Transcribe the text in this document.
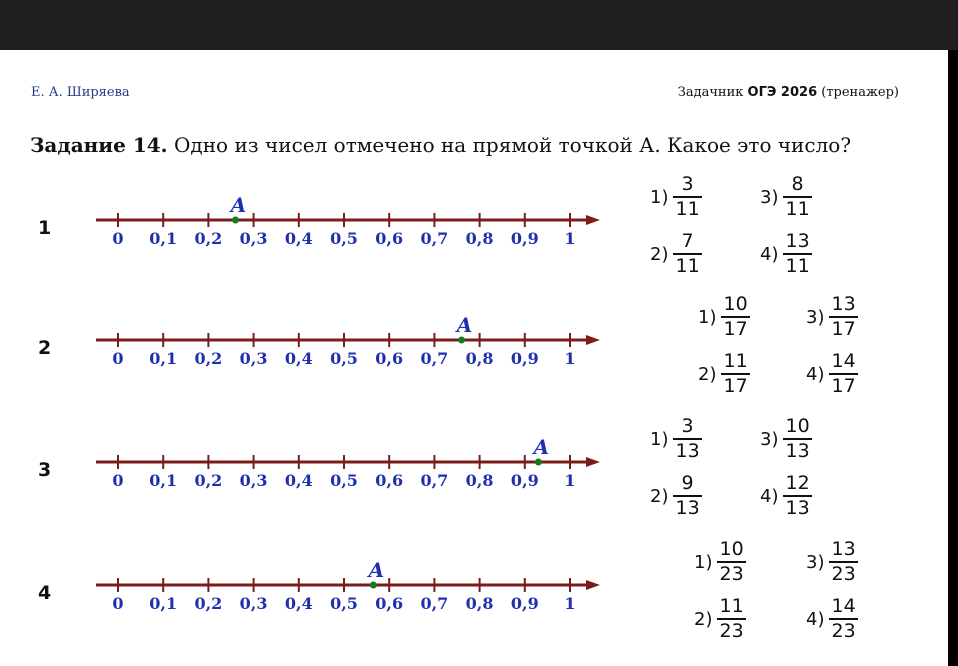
Е. А. Ширяева	Задачник ОГЭ 2026 (тренажер)
Задание 14. Одно из чисел отмечено на прямой точкой А. Какое это число?
1	0 0,1 0,2 0,3 0,4 0,5 0,6 0,7 0,8 0,9 1
A	$1) \frac{3}{11}$
$2) \frac{7}{11}$
$3) \frac{8}{11}$
$4) \frac{13}{11}$
2	0 0,1 0,2 0,3 0,4 0,5 0,6 0,7 0,8 0,9 1
A	$1) \frac{10}{17}$
$2) \frac{11}{17}$
$3) \frac{13}{17}$
$4) \frac{14}{17}$
3	0 0,1 0,2 0,3 0,4 0,5 0,6 0,7 0,8 0,9 1
A	$1) \frac{3}{13}$
$2) \frac{9}{13}$
$3) \frac{10}{13}$
$4) \frac{12}{13}$
4	0 0,1 0,2 0,3 0,4 0,5 0,6 0,7 0,8 0,9 1
A	$1) \frac{10}{23}$
$2) \frac{11}{23}$
$3) \frac{13}{23}$
$4) \frac{14}{23}$
